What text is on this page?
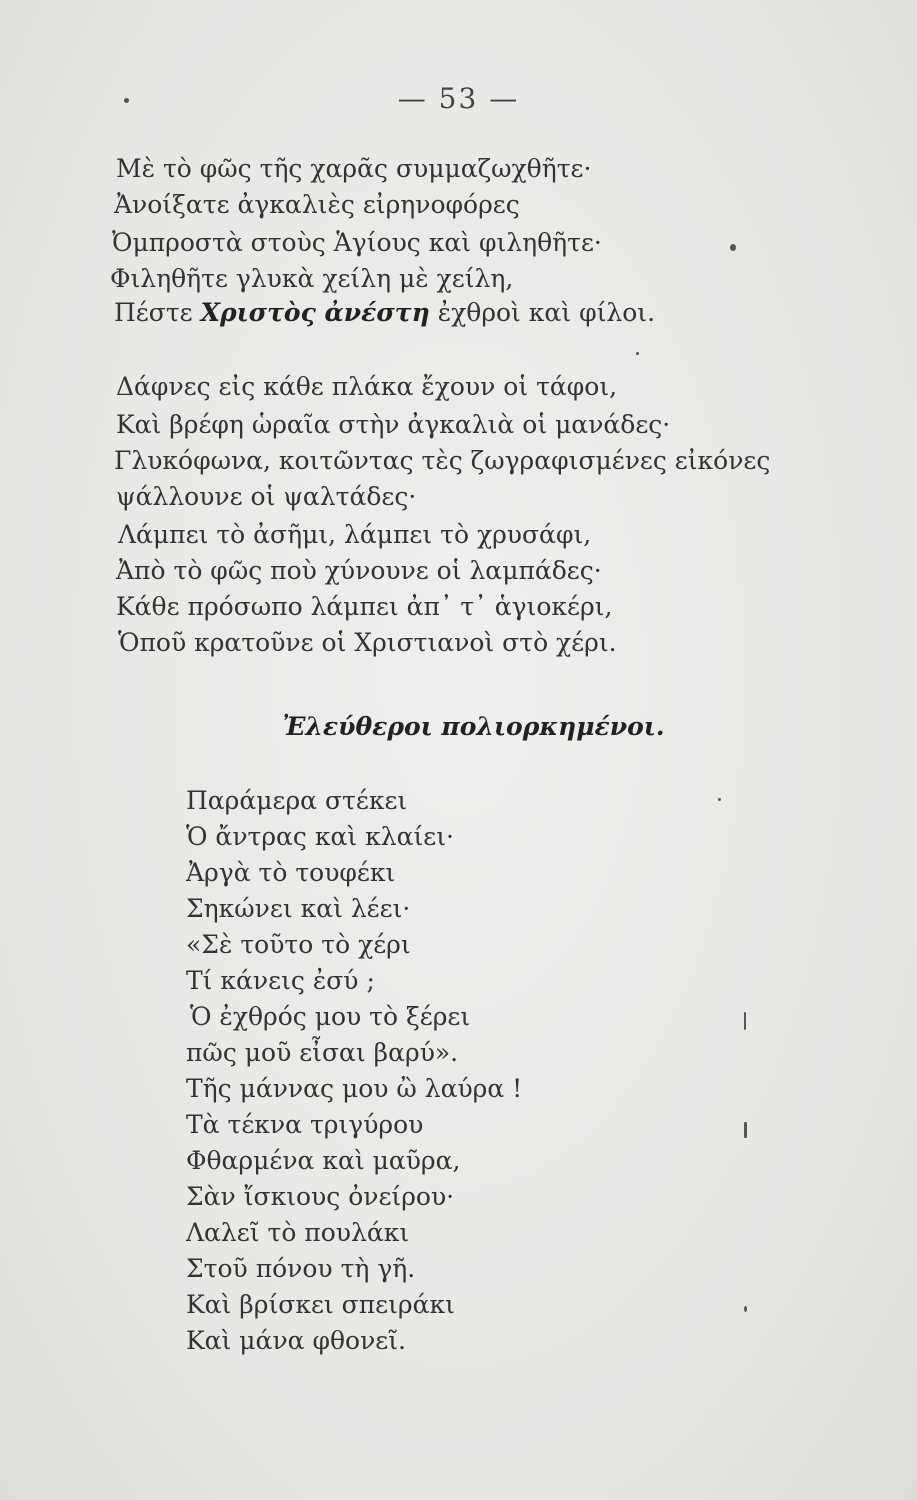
— 53 —
Μὲ τὸ φῶς τῆς χαρᾶς συμμαζωχθῆτε·
Ἀνοίξατε ἀγκαλιὲς εἰρηνοφόρες
Ὀμπροστὰ στοὺς Ἁγίους καὶ φιληθῆτε·
Φιληθῆτε γλυκὰ χείλη μὲ χείλη,
Πέστε Χριστὸς ἀνέστη ἐχθροὶ καὶ φίλοι.
Δάφνες εἰς κάθε πλάκα ἔχουν οἱ τάφοι,
Καὶ βρέφη ὡραῖα στὴν ἀγκαλιὰ οἱ μανάδες·
Γλυκόφωνα, κοιτῶντας τὲς ζωγραφισμένες εἰκόνες
ψάλλουνε οἱ ψαλτάδες·
Λάμπει τὸ ἀσῆμι, λάμπει τὸ χρυσάφι,
Ἀπὸ τὸ φῶς ποὺ χύνουνε οἱ λαμπάδες·
Κάθε πρόσωπο λάμπει ἀπ᾿ τ᾿ ἁγιοκέρι,
Ὁποῦ κρατοῦνε οἱ Χριστιανοὶ στὸ χέρι.
Ἐλεύθεροι πολιορκημένοι.
Παράμερα στέκει
Ὁ ἄντρας καὶ κλαίει·
Ἀργὰ τὸ τουφέκι
Σηκώνει καὶ λέει·
«Σὲ τοῦτο τὸ χέρι
Τί κάνεις ἐσύ ;
Ὁ ἐχθρός μου τὸ ξέρει
πῶς μοῦ εἶσαι βαρύ».
Τῆς μάννας μου ὢ λαύρα !
Τὰ τέκνα τριγύρου
Φθαρμένα καὶ μαῦρα,
Σὰν ἴσκιους ὀνείρου·
Λαλεῖ τὸ πουλάκι
Στοῦ πόνου τὴ γῆ.
Καὶ βρίσκει σπειράκι
Καὶ μάνα φθονεῖ.
